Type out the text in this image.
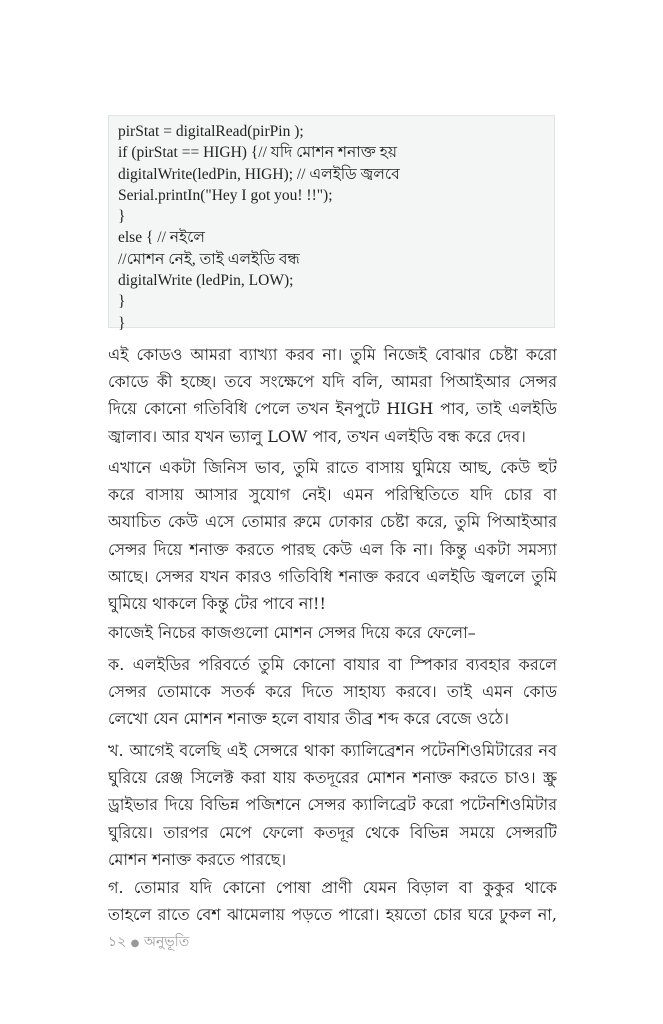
pirStat = digitalRead(pirPin );
if (pirStat == HIGH) {// যদি মোশন শনাক্ত হয়
digitalWrite(ledPin, HIGH); // এলইডি জ্বলবে
Serial.printIn("Hey I got you! !!");
}
else { // নইলে
//মোশন নেই, তাই এলইডি বন্ধ
digitalWrite (ledPin, LOW);
}
}
এই কোডও আমরা ব্যাখ্যা করব না। তুমি নিজেই বোঝার চেষ্টা করো
কোডে কী হচ্ছে। তবে সংক্ষেপে যদি বলি, আমরা পিআইআর সেন্সর
দিয়ে কোনো গতিবিধি পেলে তখন ইনপুটে HIGH পাব, তাই এলইডি
জ্বালাব। আর যখন ভ্যালু LOW পাব, তখন এলইডি বন্ধ করে দেব।
এখানে একটা জিনিস ভাব, তুমি রাতে বাসায় ঘুমিয়ে আছ, কেউ হুট
করে বাসায় আসার সুযোগ নেই। এমন পরিস্থিতিতে যদি চোর বা
অযাচিত কেউ এসে তোমার রুমে ঢোকার চেষ্টা করে, তুমি পিআইআর
সেন্সর দিয়ে শনাক্ত করতে পারছ কেউ এল কি না। কিন্তু একটা সমস্যা
আছে। সেন্সর যখন কারও গতিবিধি শনাক্ত করবে এলইডি জ্বললে তুমি
ঘুমিয়ে থাকলে কিন্তু টের পাবে না!!
কাজেই নিচের কাজগুলো মোশন সেন্সর দিয়ে করে ফেলো–
ক. এলইডির পরিবর্তে তুমি কোনো বাযার বা স্পিকার ব্যবহার করলে
সেন্সর তোমাকে সতর্ক করে দিতে সাহায্য করবে। তাই এমন কোড
লেখো যেন মোশন শনাক্ত হলে বাযার তীব্র শব্দ করে বেজে ওঠে।
খ. আগেই বলেছি এই সেন্সরে থাকা ক্যালিব্রেশন পটেনশিওমিটারের নব
ঘুরিয়ে রেঞ্জ সিলেক্ট করা যায় কতদূরের মোশন শনাক্ত করতে চাও। স্ক্রু
ড্রাইভার দিয়ে বিভিন্ন পজিশনে সেন্সর ক্যালিব্রেট করো পটেনশিওমিটার
ঘুরিয়ে। তারপর মেপে ফেলো কতদূর থেকে বিভিন্ন সময়ে সেন্সরটি
মোশন শনাক্ত করতে পারছে।
গ. তোমার যদি কোনো পোষা প্রাণী যেমন বিড়াল বা কুকুর থাকে
তাহলে রাতে বেশ ঝামেলায় পড়তে পারো। হয়তো চোর ঘরে ঢুকল না,
১২ ● অনুভূতি
